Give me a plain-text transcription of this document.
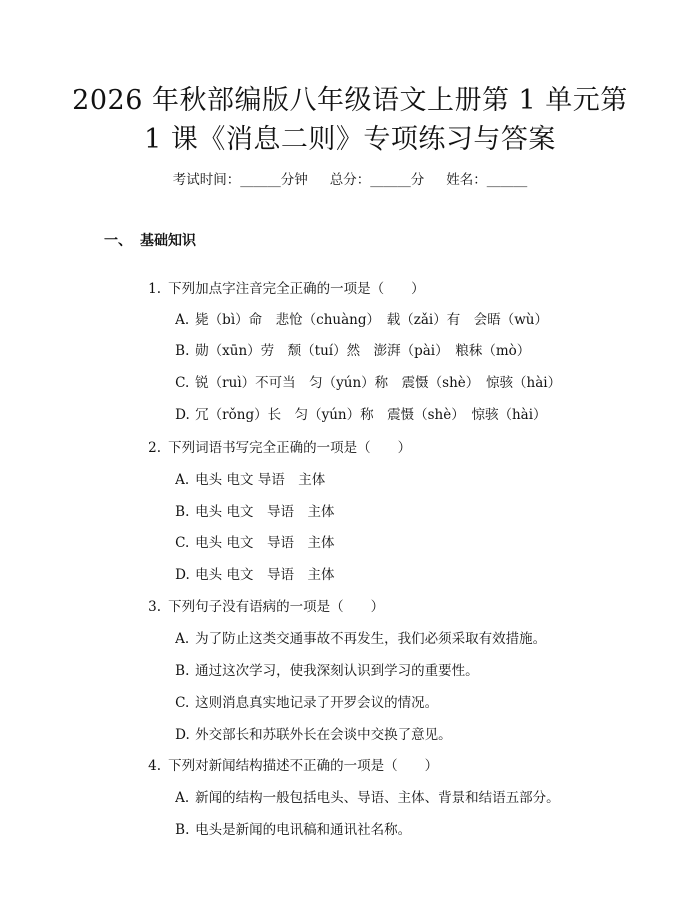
2026 年秋部编版八年级语文上册第 1 单元第
1 课《消息二则》专项练习与答案
考试时间：______分钟 总分：______分 姓名：______
一、 基础知识

1. 下列加点字注音完全正确的一项是（　　）

A. 毙（bì）命　悲怆（chuàng）　载（zǎi）有　会晤（wù）

B. 勋（xūn）劳　颓（tuí）然　澎湃（pài）　粮秣（mò）

C. 锐（ruì）不可当　匀（yún）称　震慑（shè）　惊骇（hài）

D. 冗（rǒng）长　匀（yún）称　震慑（shè）　惊骇（hài）

2. 下列词语书写完全正确的一项是（　　）

A. 电头 电文 导语　主体

B. 电头 电文　导语　主体

C. 电头 电文　导语　主体

D. 电头 电文　导语　主体

3. 下列句子没有语病的一项是（　　）

A. 为了防止这类交通事故不再发生，我们必须采取有效措施。

B. 通过这次学习，使我深刻认识到学习的重要性。

C. 这则消息真实地记录了开罗会议的情况。

D. 外交部长和苏联外长在会谈中交换了意见。

4. 下列对新闻结构描述不正确的一项是（　　）

A. 新闻的结构一般包括电头、导语、主体、背景和结语五部分。

B. 电头是新闻的电讯稿和通讯社名称。
